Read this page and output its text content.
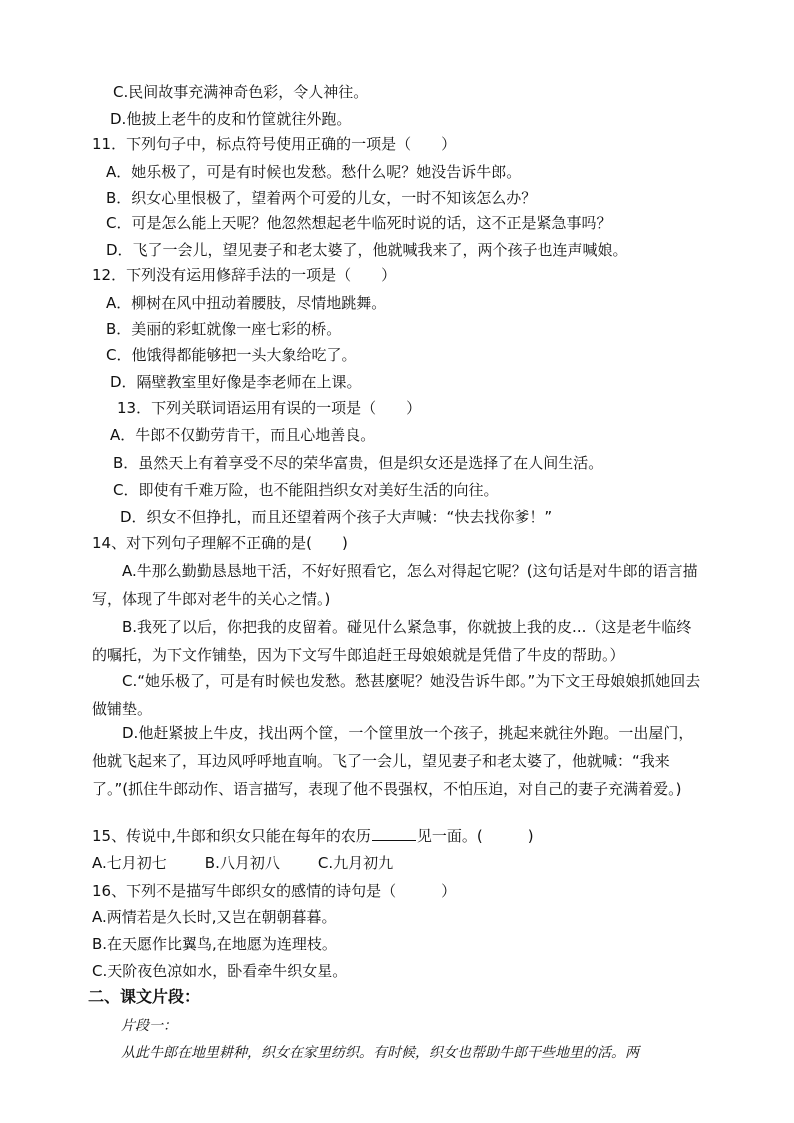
C.民间故事充满神奇色彩，令人神往。
D.他披上老牛的皮和竹筐就往外跑。
11．下列句子中，标点符号使用正确的一项是（　　）
A．她乐极了，可是有时候也发愁。愁什么呢？她没告诉牛郎。
B．织女心里恨极了，望着两个可爱的儿女，一时不知该怎么办？
C．可是怎么能上天呢？他忽然想起老牛临死时说的话，这不正是紧急事吗？
D．飞了一会儿，望见妻子和老太婆了，他就喊我来了，两个孩子也连声喊娘。
12．下列没有运用修辞手法的一项是（　　）
A．柳树在风中扭动着腰肢，尽情地跳舞。
B．美丽的彩虹就像一座七彩的桥。
C．他饿得都能够把一头大象给吃了。
D．隔壁教室里好像是李老师在上课。
13．下列关联词语运用有误的一项是（　　）
A．牛郎不仅勤劳肯干，而且心地善良。
B．虽然天上有着享受不尽的荣华富贵，但是织女还是选择了在人间生活。
C．即使有千难万险，也不能阻挡织女对美好生活的向往。
D．织女不但挣扎，而且还望着两个孩子大声喊：“快去找你爹！”
14、对下列句子理解不正确的是(　　)
A.牛那么勤勤恳恳地干活，不好好照看它，怎么对得起它呢？(这句话是对牛郎的语言描写，体现了牛郎对老牛的关心之情。)
B.我死了以后，你把我的皮留着。碰见什么紧急事，你就披上我的皮...（这是老牛临终的嘱托，为下文作铺垫，因为下文写牛郎追赶王母娘娘就是凭借了牛皮的帮助。）
C.“她乐极了，可是有时候也发愁。愁甚麼呢？她没告诉牛郎。”为下文王母娘娘抓她回去做铺垫。
D.他赶紧披上牛皮，找出两个筐，一个筐里放一个孩子，挑起来就往外跑。一出屋门，他就飞起来了，耳边风呼呼地直响。飞了一会儿，望见妻子和老太婆了，他就喊：“我来了。”(抓住牛郎动作、语言描写，表现了他不畏强权，不怕压迫，对自己的妻子充满着爱。)
15、传说中,牛郎和织女只能在每年的农历	见一面。(　　　)
A.七月初七	B.八月初八	C.九月初九
16、下列不是描写牛郎织女的感情的诗句是（　　　）
A.两情若是久长时,又岂在朝朝暮暮。
B.在天愿作比翼鸟,在地愿为连理枝。
C.天阶夜色凉如水，卧看牵牛织女星。
二、课文片段：
片段一：
从此牛郎在地里耕种，织女在家里纺织。有时候，织女也帮助牛郎干些地里的活。两
